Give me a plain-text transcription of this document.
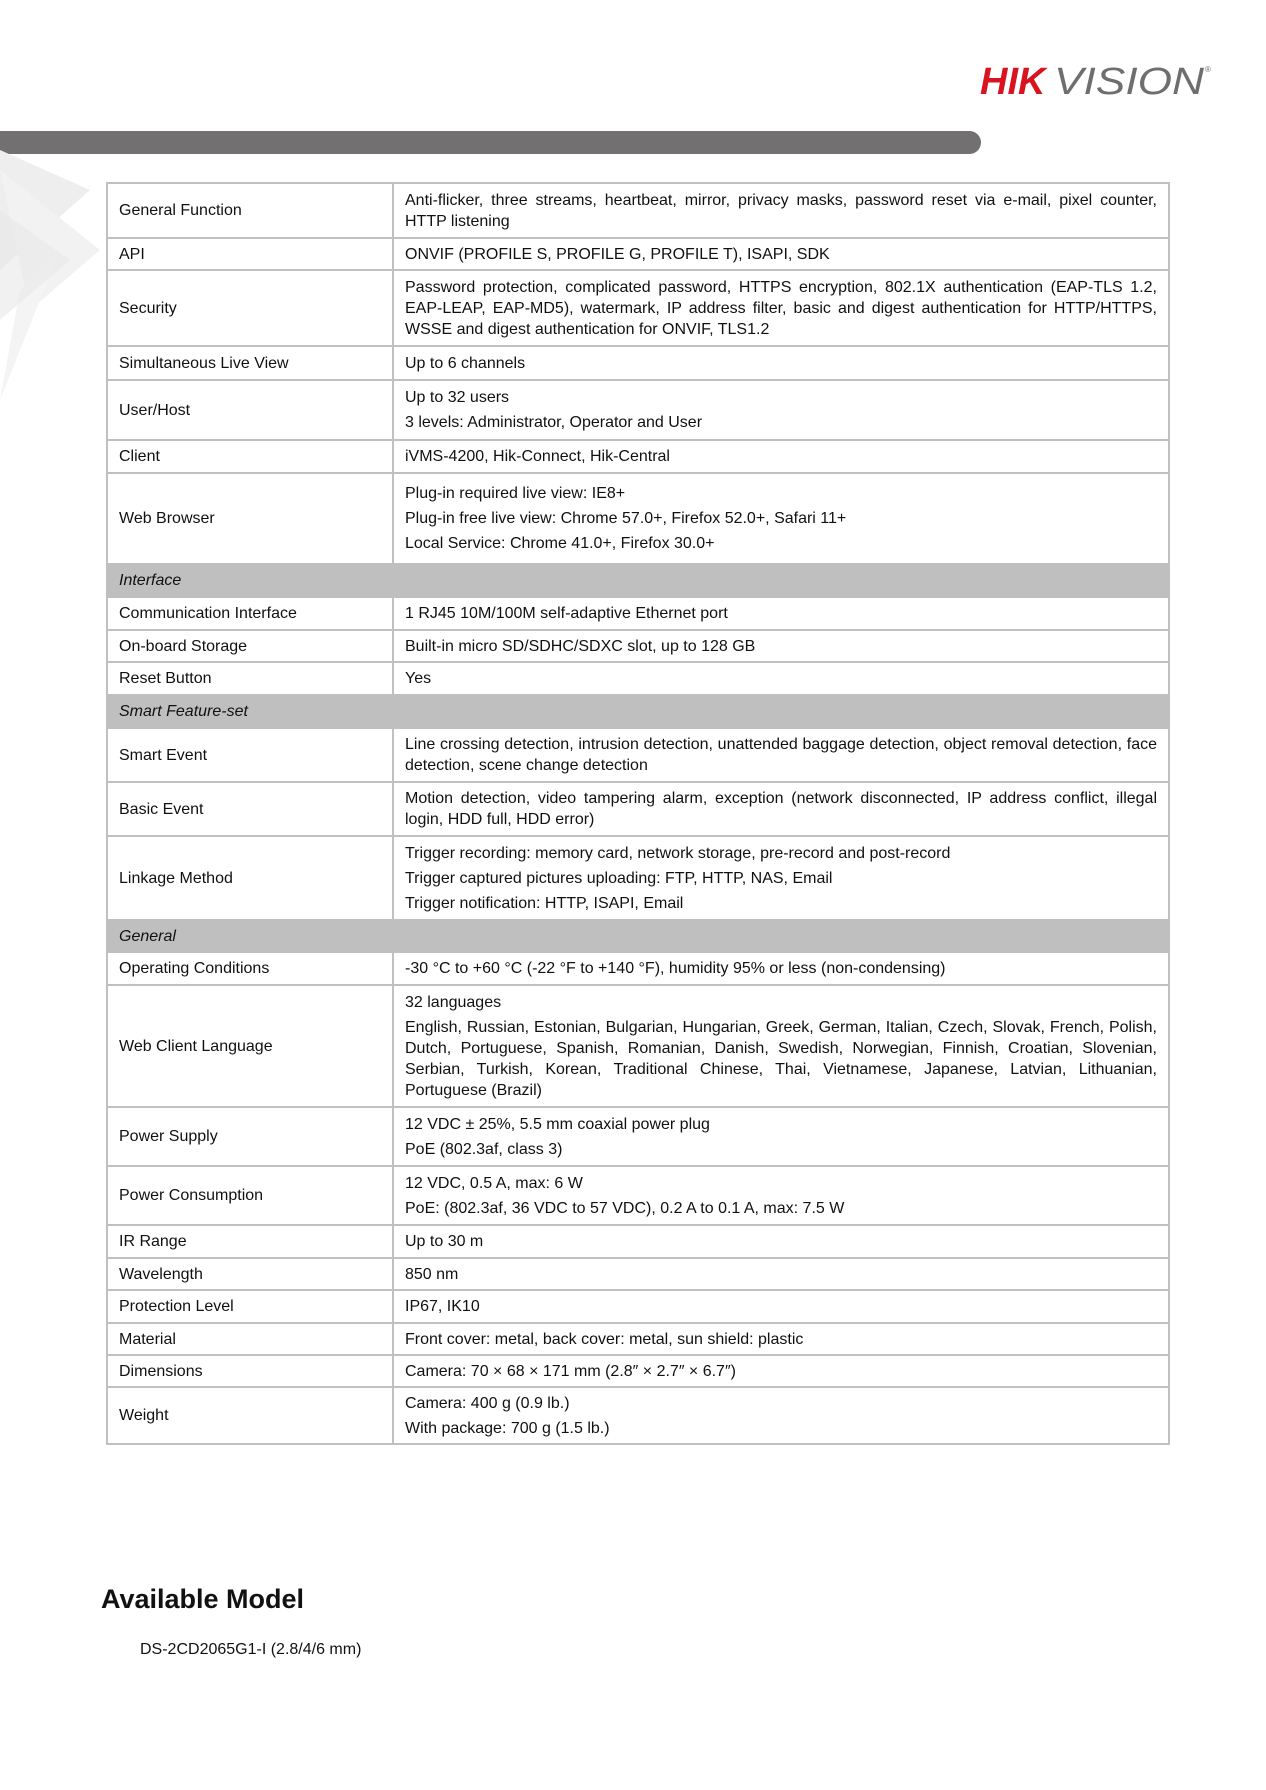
HIK VISION ®
General Function	Anti-flicker, three streams, heartbeat, mirror, privacy masks, password reset via e-mail, pixel counter, HTTP listening

API	ONVIF (PROFILE S, PROFILE G, PROFILE T), ISAPI, SDK

Security	Password protection, complicated password, HTTPS encryption, 802.1X authentication (EAP-TLS 1.2, EAP-LEAP, EAP-MD5), watermark, IP address filter, basic and digest authentication for HTTP/HTTPS, WSSE and digest authentication for ONVIF, TLS1.2

Simultaneous Live View	Up to 6 channels

User/Host	Up to 32 users

3 levels: Administrator, Operator and User

Client	iVMS-4200, Hik-Connect, Hik-Central

Web Browser	Plug-in required live view: IE8+

Plug-in free live view: Chrome 57.0+, Firefox 52.0+, Safari 11+

Local Service: Chrome 41.0+, Firefox 30.0+

Interface	
Communication Interface	1 RJ45 10M/100M self-adaptive Ethernet port

On-board Storage	Built-in micro SD/SDHC/SDXC slot, up to 128 GB

Reset Button	Yes

Smart Feature-set	
Smart Event	Line crossing detection, intrusion detection, unattended baggage detection, object removal detection, face detection, scene change detection

Basic Event	Motion detection, video tampering alarm, exception (network disconnected, IP address conflict, illegal login, HDD full, HDD error)

Linkage Method	Trigger recording: memory card, network storage, pre-record and post-record

Trigger captured pictures uploading: FTP, HTTP, NAS, Email

Trigger notification: HTTP, ISAPI, Email

General	
Operating Conditions	-30 °C to +60 °C (-22 °F to +140 °F), humidity 95% or less (non-condensing)

Web Client Language	32 languages

English, Russian, Estonian, Bulgarian, Hungarian, Greek, German, Italian, Czech, Slovak, French, Polish, Dutch, Portuguese, Spanish, Romanian, Danish, Swedish, Norwegian, Finnish, Croatian, Slovenian, Serbian, Turkish, Korean, Traditional Chinese, Thai, Vietnamese, Japanese, Latvian, Lithuanian, Portuguese (Brazil)

Power Supply	12 VDC ± 25%, 5.5 mm coaxial power plug

PoE (802.3af, class 3)

Power Consumption	12 VDC, 0.5 A, max: 6 W

PoE: (802.3af, 36 VDC to 57 VDC), 0.2 A to 0.1 A, max: 7.5 W

IR Range	Up to 30 m

Wavelength	850 nm

Protection Level	IP67, IK10

Material	Front cover: metal, back cover: metal, sun shield: plastic

Dimensions	Camera: 70 × 68 × 171 mm (2.8″ × 2.7″ × 6.7″)

Weight	Camera: 400 g (0.9 lb.)

With package: 700 g (1.5 lb.)

Available Model
DS-2CD2065G1-I (2.8/4/6 mm)
